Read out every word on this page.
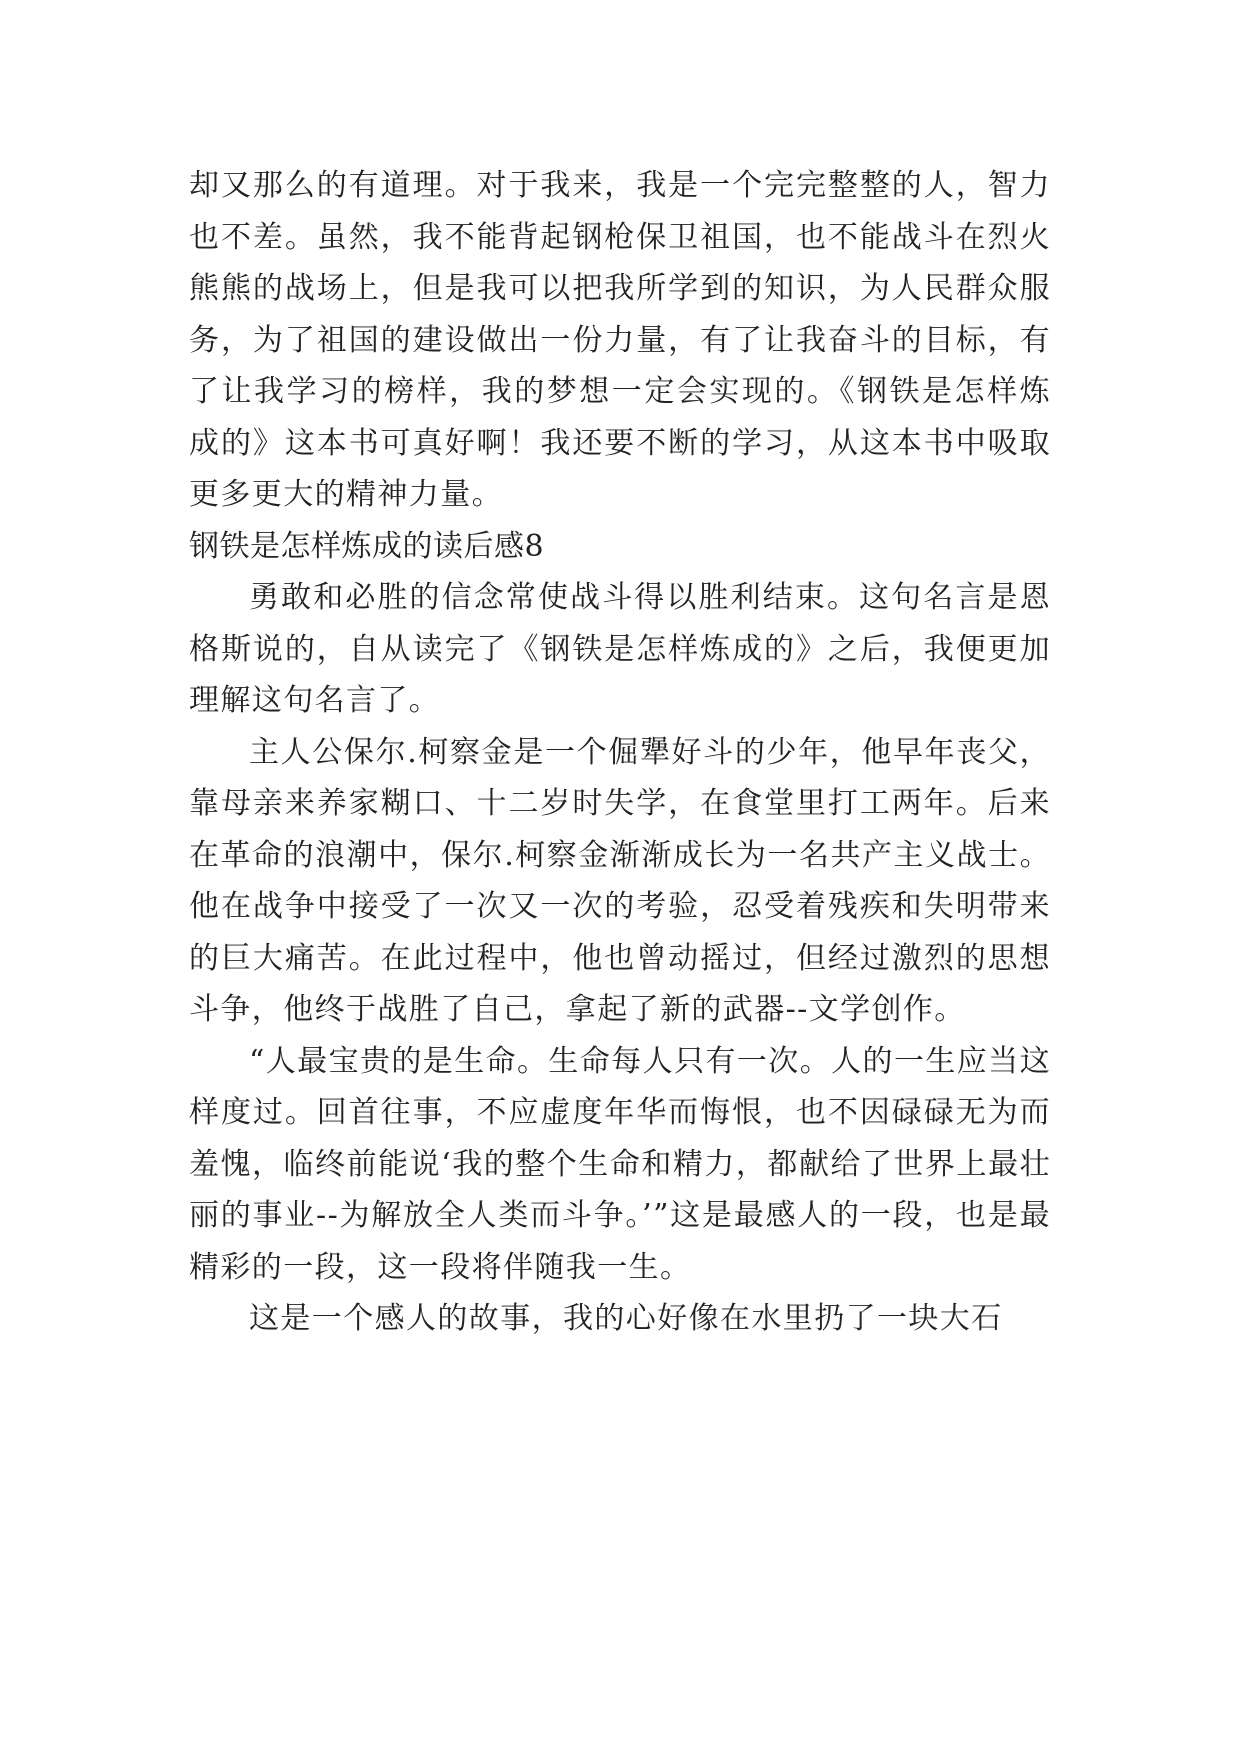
却又那么的有道理。对于我来，我是一个完完整整的人，智力也不差。虽然，我不能背起钢枪保卫祖国，也不能战斗在烈火熊熊的战场上，但是我可以把我所学到的知识，为人民群众服务，为了祖国的建设做出一份力量，有了让我奋斗的目标，有了让我学习的榜样，我的梦想一定会实现的。《钢铁是怎样炼成的》这本书可真好啊！我还要不断的学习，从这本书中吸取更多更大的精神力量。

钢铁是怎样炼成的读后感8

勇敢和必胜的信念常使战斗得以胜利结束。这句名言是恩格斯说的，自从读完了《钢铁是怎样炼成的》之后，我便更加理解这句名言了。

主人公保尔.柯察金是一个倔犟好斗的少年，他早年丧父，靠母亲来养家糊口、十二岁时失学，在食堂里打工两年。后来在革命的浪潮中，保尔.柯察金渐渐成长为一名共产主义战士。他在战争中接受了一次又一次的考验，忍受着残疾和失明带来的巨大痛苦。在此过程中，他也曾动摇过，但经过激烈的思想斗争，他终于战胜了自己，拿起了新的武器--文学创作。

“人最宝贵的是生命。生命每人只有一次。人的一生应当这样度过。回首往事，不应虚度年华而悔恨，也不因碌碌无为而羞愧，临终前能说‘我的整个生命和精力，都献给了世界上最壮丽的事业--为解放全人类而斗争。’”这是最感人的一段，也是最精彩的一段，这一段将伴随我一生。

这是一个感人的故事，我的心好像在水里扔了一块大石
